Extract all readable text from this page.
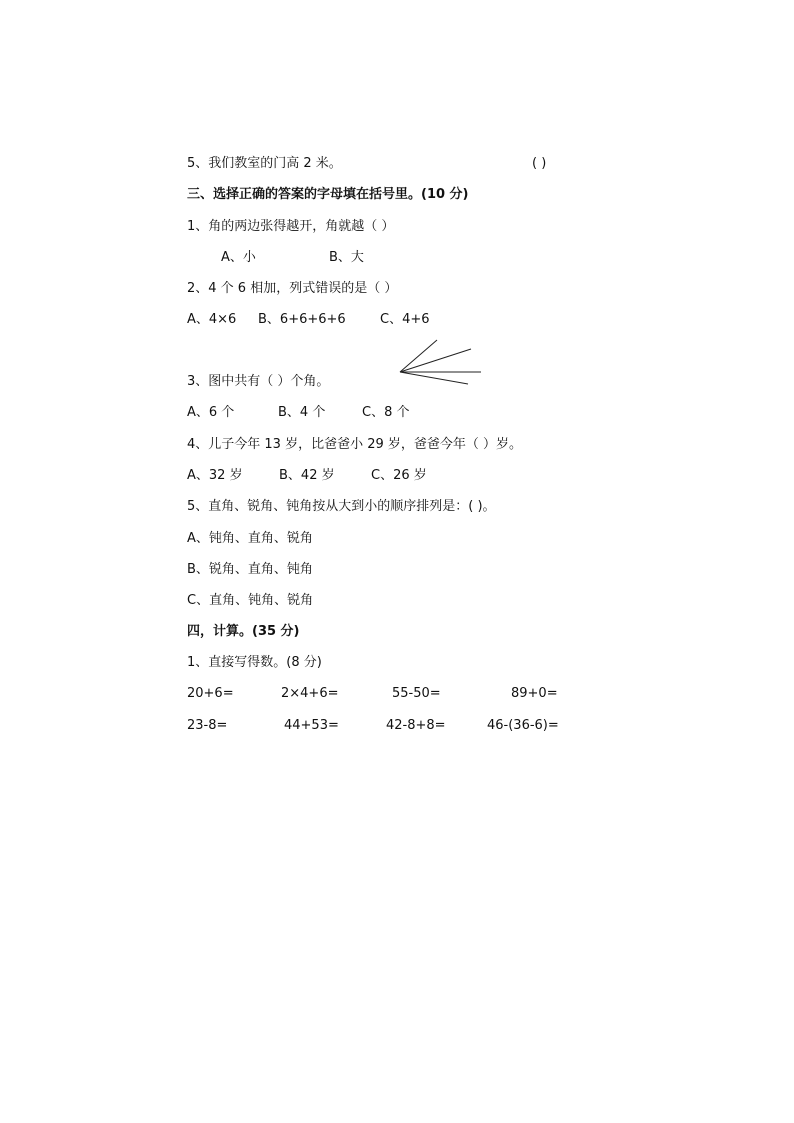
5、我们教室的门高 2 米。	( )
三、选择正确的答案的字母填在括号里。(10 分)
1、角的两边张得越开，角就越（ ）
A、小	B、大
2、4 个 6 相加，列式错误的是（ ）
A、4×6 B、6+6+6+6	C、4+6
3、图中共有（ ）个角。
A、6 个	B、4 个	C、8 个
4、儿子今年 13 岁，比爸爸小 29 岁，爸爸今年（ ）岁。
A、32 岁	B、42 岁	C、26 岁
5、直角、锐角、钝角按从大到小的顺序排列是：( )。
A、钝角、直角、锐角
B、锐角、直角、钝角
C、直角、钝角、锐角
四，计算。(35 分)
1、直接写得数。(8 分)
20+6=	2×4+6=	55-50=	89+0=
23-8=	44+53=	42-8+8=	46-(36-6)=
